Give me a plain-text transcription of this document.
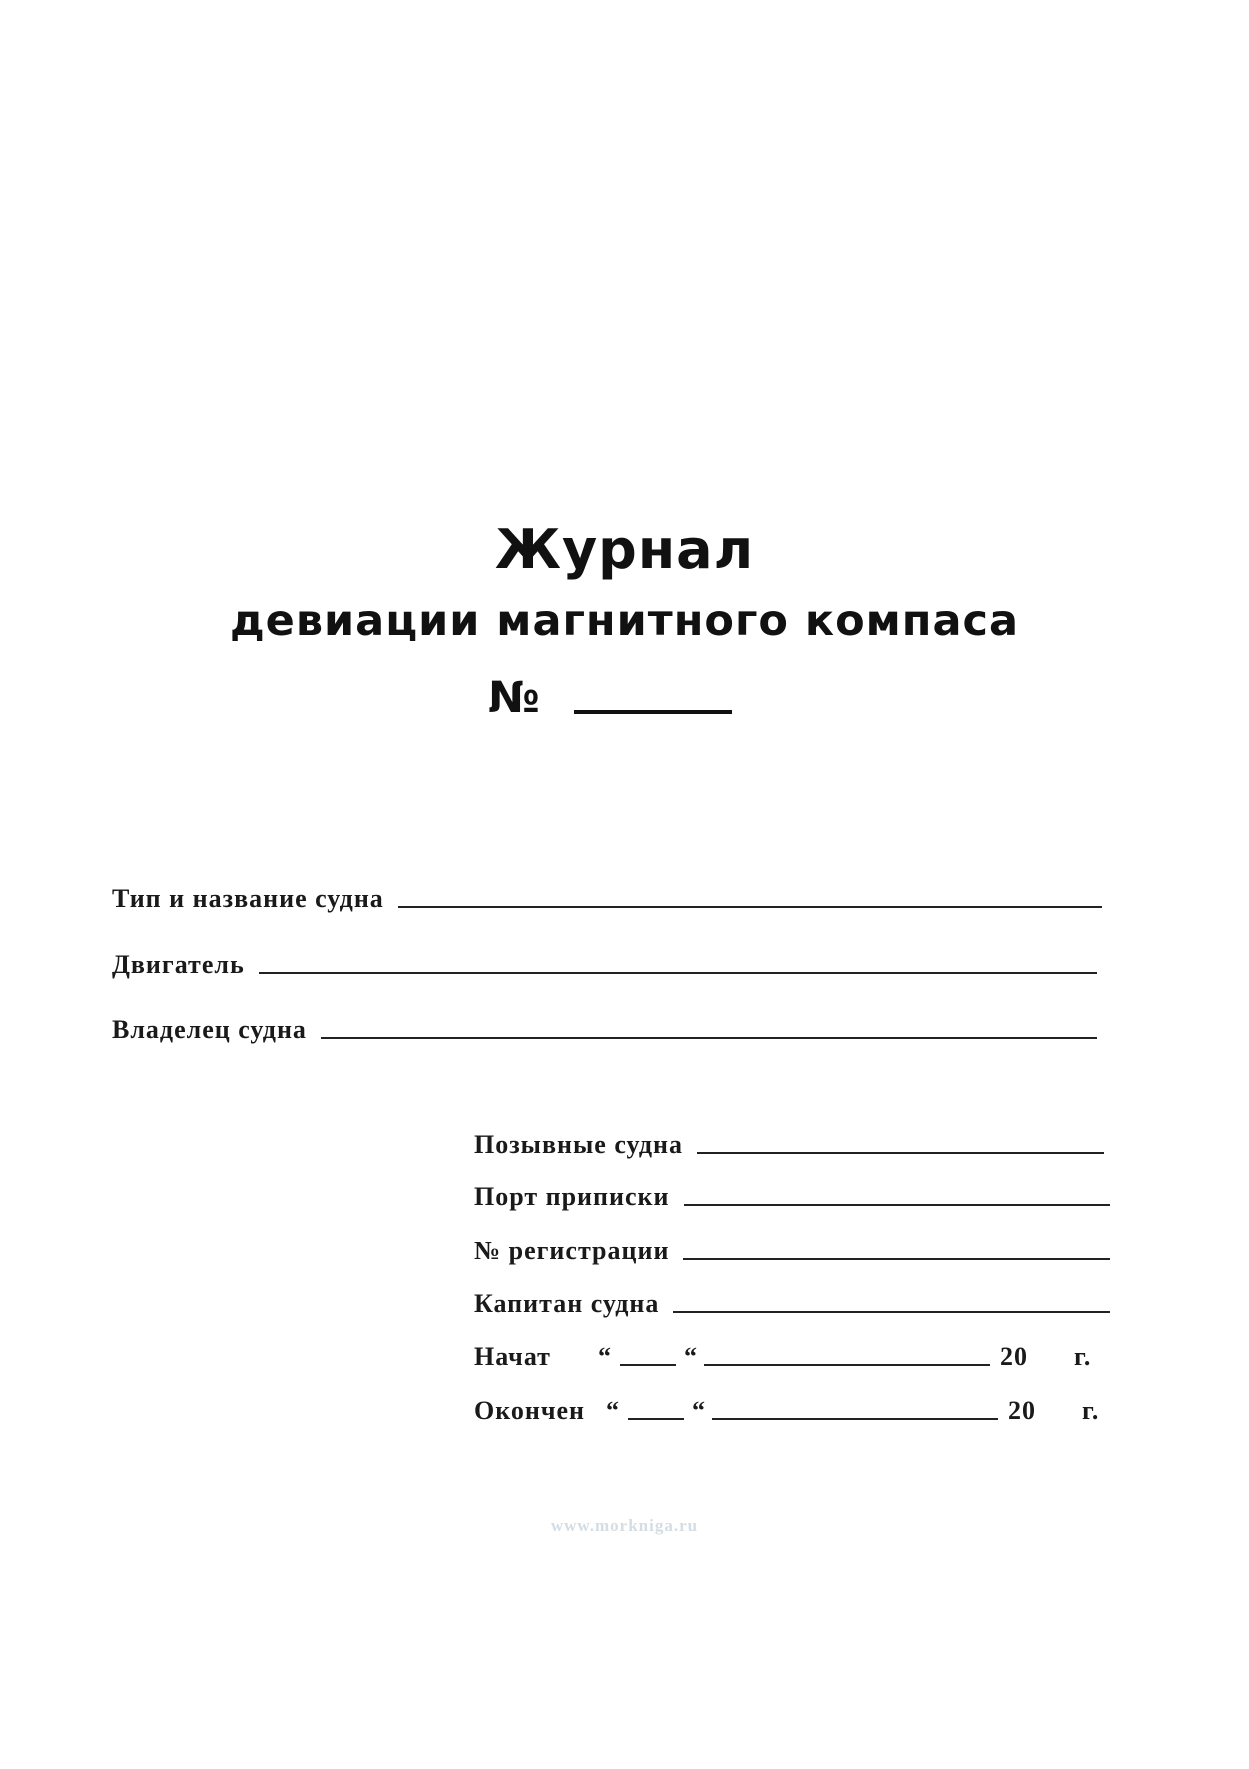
Журнал
девиации магнитного компаса
№
Тип и название судна
Двигатель
Владелец судна
Позывные судна
Порт приписки
№ регистрации
Капитан судна
Начат	“	“	20 г.
Окончен “	“	20 г.
www.morkniga.ru
